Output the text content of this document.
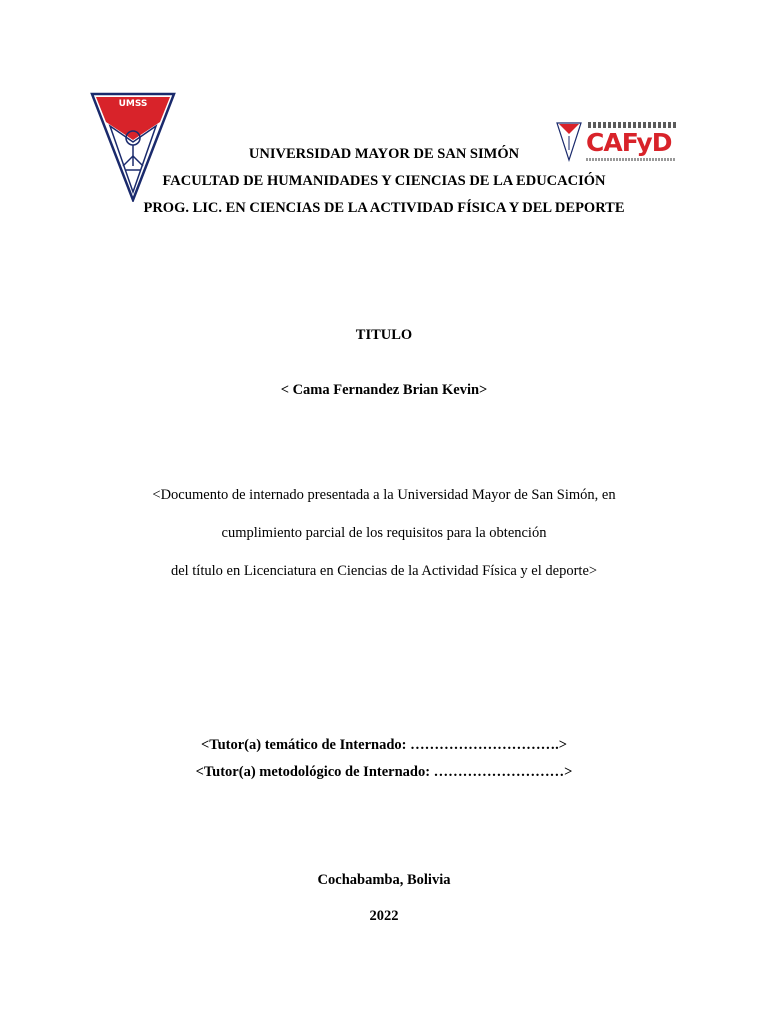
UMSS
CAFyD
UNIVERSIDAD MAYOR DE SAN SIMÓN
FACULTAD DE HUMANIDADES Y CIENCIAS DE LA EDUCACIÓN
PROG. LIC. EN CIENCIAS DE LA ACTIVIDAD FÍSICA Y DEL DEPORTE
TITULO
< Cama Fernandez Brian Kevin>
<Documento de internado presentada a la Universidad Mayor de San Simón, en
cumplimiento parcial de los requisitos para la obtención
del título en Licenciatura en Ciencias de la Actividad Física y el deporte>
<Tutor(a) temático de Internado: ………………………….>
<Tutor(a) metodológico de Internado: ………………………>
Cochabamba, Bolivia
2022
